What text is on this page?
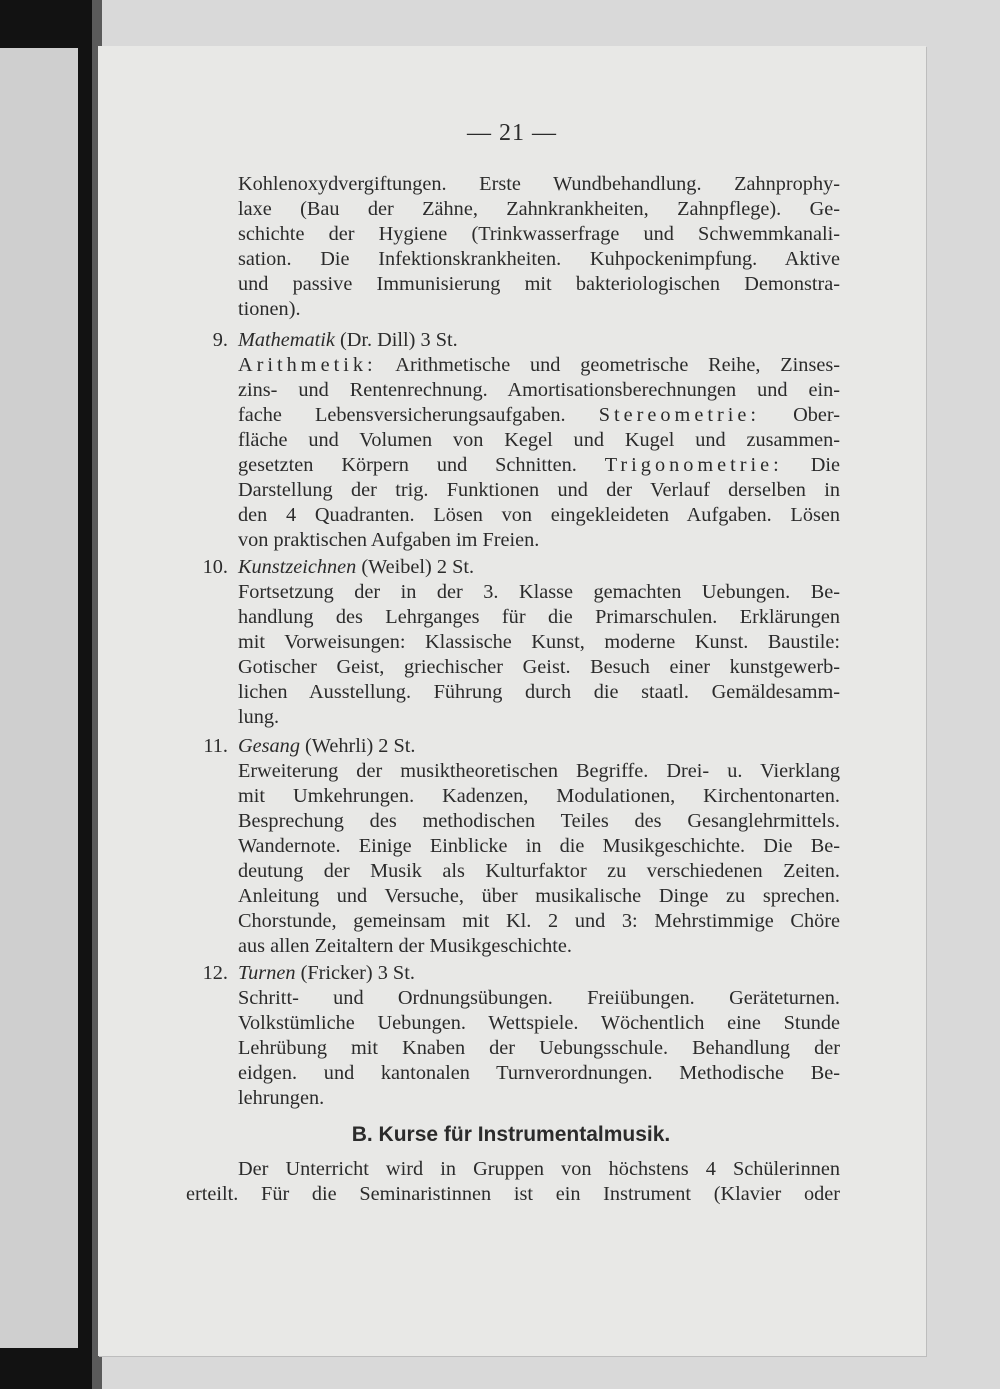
— 21 —
Kohlenoxydvergiftungen. Erste Wundbehandlung. Zahnprophy-
laxe (Bau der Zähne, Zahnkrankheiten, Zahnpflege). Ge-
schichte der Hygiene (Trinkwasserfrage und Schwemmkanali-
sation. Die Infektionskrankheiten. Kuhpockenimpfung. Aktive
und passive Immunisierung mit bakteriologischen Demonstra-
tionen).
9. Mathematik (Dr. Dill) 3 St.
Arithmetik: Arithmetische und geometrische Reihe, Zinses-
zins- und Rentenrechnung. Amortisationsberechnungen und ein-
fache Lebensversicherungsaufgaben. Stereometrie: Ober-
fläche und Volumen von Kegel und Kugel und zusammen-
gesetzten Körpern und Schnitten. Trigonometrie: Die
Darstellung der trig. Funktionen und der Verlauf derselben in
den 4 Quadranten. Lösen von eingekleideten Aufgaben. Lösen
von praktischen Aufgaben im Freien.
10. Kunstzeichnen (Weibel) 2 St.
Fortsetzung der in der 3. Klasse gemachten Uebungen. Be-
handlung des Lehrganges für die Primarschulen. Erklärungen
mit Vorweisungen: Klassische Kunst, moderne Kunst. Baustile:
Gotischer Geist, griechischer Geist. Besuch einer kunstgewerb-
lichen Ausstellung. Führung durch die staatl. Gemäldesamm-
lung.
11. Gesang (Wehrli) 2 St.
Erweiterung der musiktheoretischen Begriffe. Drei- u. Vierklang
mit Umkehrungen. Kadenzen, Modulationen, Kirchentonarten.
Besprechung des methodischen Teiles des Gesanglehrmittels.
Wandernote. Einige Einblicke in die Musikgeschichte. Die Be-
deutung der Musik als Kulturfaktor zu verschiedenen Zeiten.
Anleitung und Versuche, über musikalische Dinge zu sprechen.
Chorstunde, gemeinsam mit Kl. 2 und 3: Mehrstimmige Chöre
aus allen Zeitaltern der Musikgeschichte.
12. Turnen (Fricker) 3 St.
Schritt- und Ordnungsübungen. Freiübungen. Geräteturnen.
Volkstümliche Uebungen. Wettspiele. Wöchentlich eine Stunde
Lehrübung mit Knaben der Uebungsschule. Behandlung der
eidgen. und kantonalen Turnverordnungen. Methodische Be-
lehrungen.
B. Kurse für Instrumentalmusik.
Der Unterricht wird in Gruppen von höchstens 4 Schülerinnen
erteilt. Für die Seminaristinnen ist ein Instrument (Klavier oder
